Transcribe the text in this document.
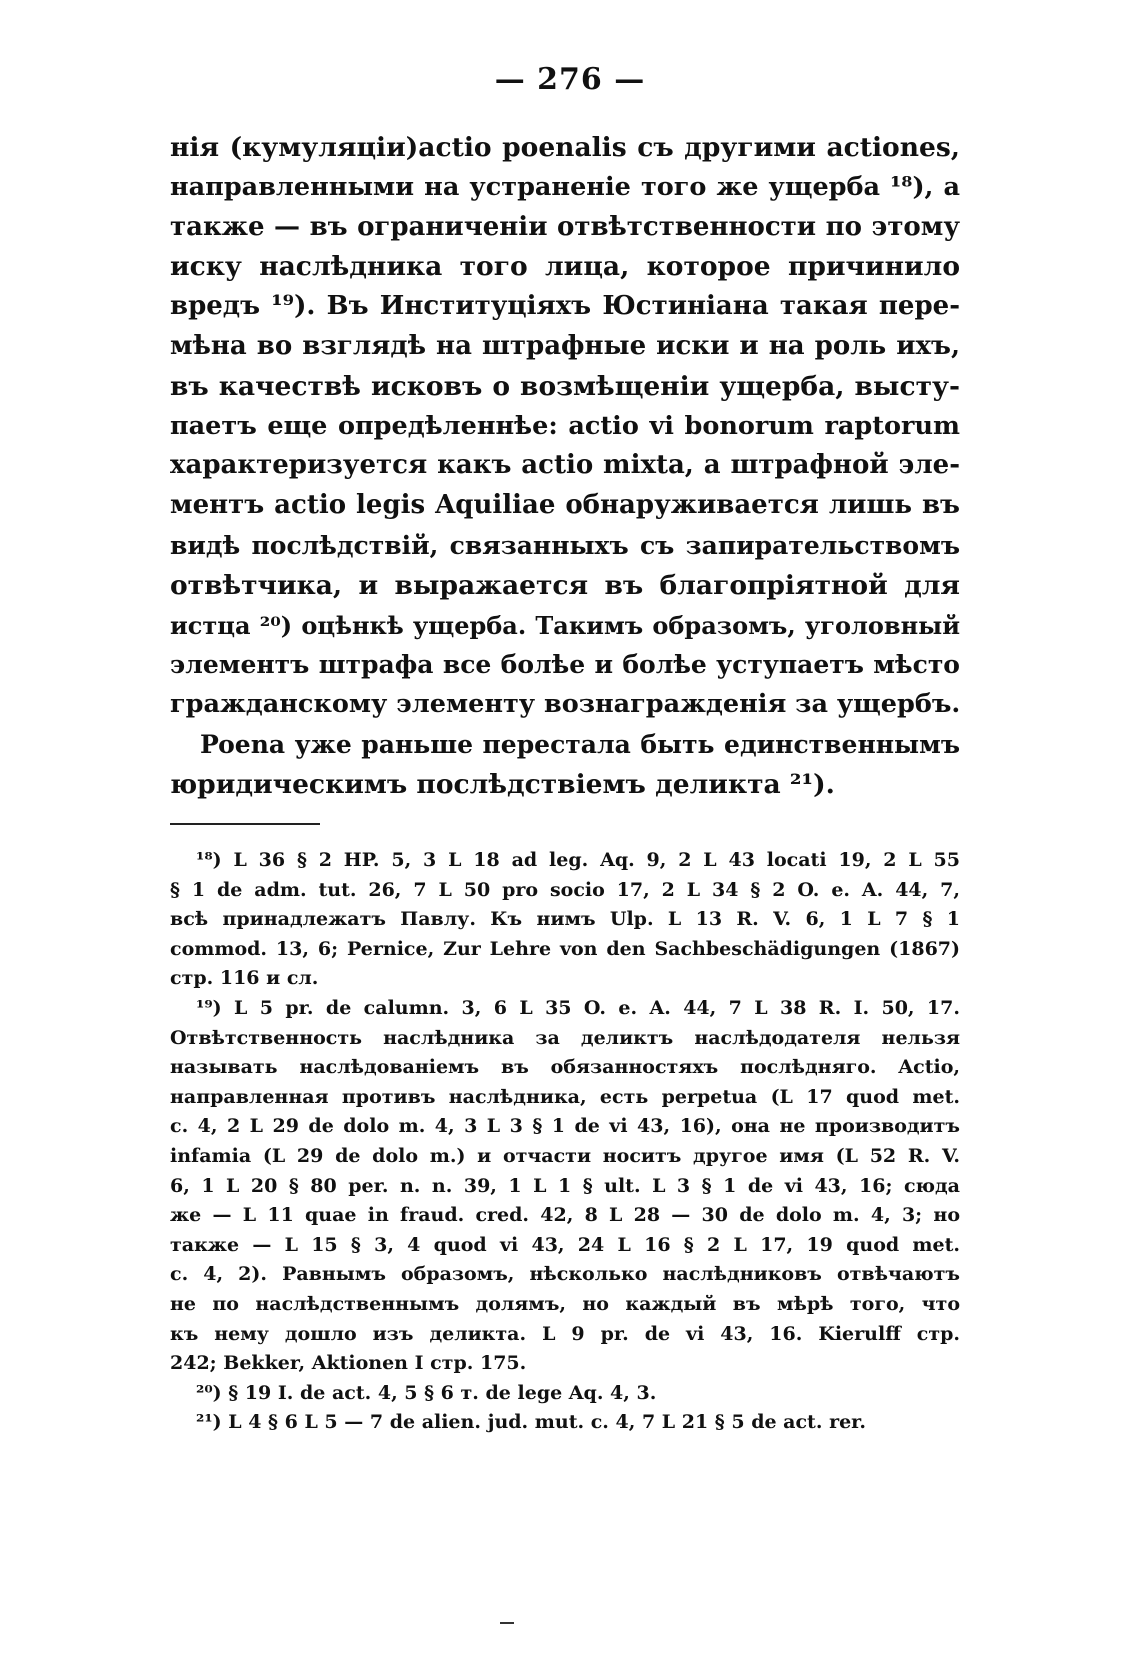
— 276 —
нія (кумуляціи)actio poenalis съ другими actiones,
направленными на устраненіе того же ущерба ¹⁸), а
также — въ ограниченіи отвѣтственности по этому
иску наслѣдника того лица, которое причинило
вредъ ¹⁹). Въ Институціяхъ Юстиніана такая пере-
мѣна во взглядѣ на штрафные иски и на роль ихъ,
въ качествѣ исковъ о возмѣщеніи ущерба, высту-
паетъ еще опредѣленнѣе: actio vi bonorum raptorum
характеризуется какъ actio mixta, а штрафной эле-
ментъ actio legis Aquiliae обнаруживается лишь въ
видѣ послѣдствій, связанныхъ съ запирательствомъ
отвѣтчика, и выражается въ благопріятной для
истца ²⁰) оцѣнкѣ ущерба. Такимъ образомъ, уголовный
элементъ штрафа все болѣе и болѣе уступаетъ мѣсто
гражданскому элементу вознагражденія за ущербъ.
Poena уже раньше перестала быть единственнымъ
юридическимъ послѣдствіемъ деликта ²¹).
¹⁸) L 36 § 2 HP. 5, 3 L 18 ad leg. Aq. 9, 2 L 43 locati 19, 2 L 55
§ 1 de adm. tut. 26, 7 L 50 pro socio 17, 2 L 34 § 2 O. e. A. 44, 7,
всѣ принадлежатъ Павлу. Къ нимъ Ulp. L 13 R. V. 6, 1 L 7 § 1
commod. 13, 6; Pernice, Zur Lehre von den Sachbeschädigungen (1867)
стр. 116 и сл.
¹⁹) L 5 pr. de calumn. 3, 6 L 35 O. e. A. 44, 7 L 38 R. I. 50, 17.
Отвѣтственность наслѣдника за деликтъ наслѣдодателя нельзя
называть наслѣдованіемъ въ обязанностяхъ послѣдняго. Actio,
направленная противъ наслѣдника, есть perpetua (L 17 quod met.
c. 4, 2 L 29 de dolo m. 4, 3 L 3 § 1 de vi 43, 16), она не производитъ
infamia (L 29 de dolo m.) и отчасти носитъ другое имя (L 52 R. V.
6, 1 L 20 § 80 per. n. n. 39, 1 L 1 § ult. L 3 § 1 de vi 43, 16; сюда
же — L 11 quae in fraud. cred. 42, 8 L 28 — 30 de dolo m. 4, 3; но
также — L 15 § 3, 4 quod vi 43, 24 L 16 § 2 L 17, 19 quod met.
c. 4, 2). Равнымъ образомъ, нѣсколько наслѣдниковъ отвѣчаютъ
не по наслѣдственнымъ долямъ, но каждый въ мѣрѣ того, что
къ нему дошло изъ деликта. L 9 pr. de vi 43, 16. Kierulff стр.
242; Bekker, Aktionen I стр. 175.
²⁰) § 19 I. de act. 4, 5 § 6 т. de lege Aq. 4, 3.
²¹) L 4 § 6 L 5 — 7 de alien. jud. mut. c. 4, 7 L 21 § 5 de act. rer.
